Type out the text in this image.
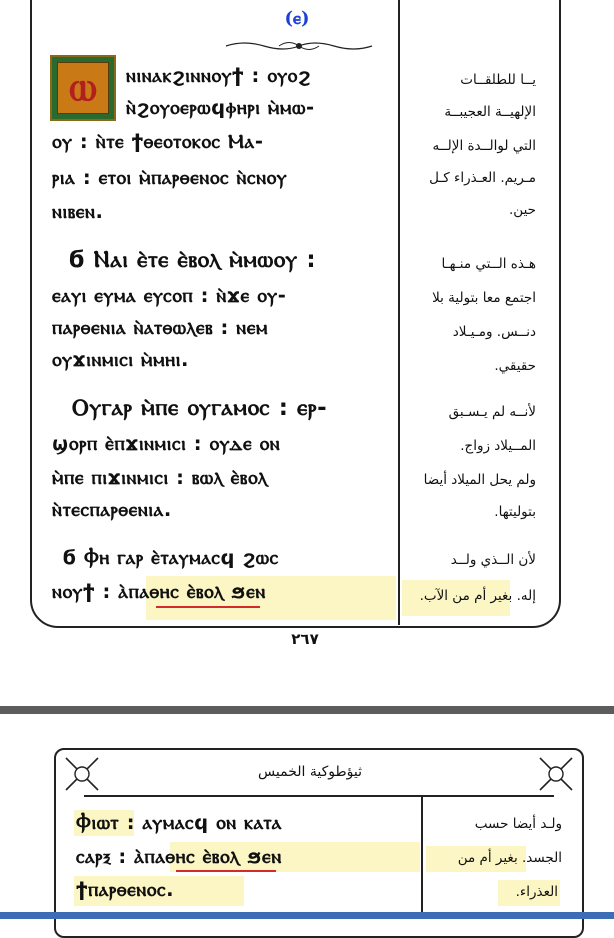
(ⲉ)
ⲱ	ⲛⲓⲛⲁⲕϩⲓⲛⲛⲟⲩϯ : ⲟⲩⲟϩ
ⲛ̀ϩⲟⲩⲟⲉⲣⲱϥⲫⲏⲣⲓ ⲙ̀ⲙⲱ-
ⲟⲩ : ⲛ̀ⲧⲉ ϯⲑⲉⲟⲧⲟⲕⲟⲥ Ⲙⲁ-
ⲣⲓⲁ : ⲉⲧⲟⲓ ⲙ̀ⲡⲁⲣⲑⲉⲛⲟⲥ ⲛ̀ⲥⲛⲟⲩ
ⲛⲓⲃⲉⲛ.
يــا للطلقــات
الإلهيــة العجيبــة
التي لوالــدة الإلــه
مـريم. العـذراء كـل
حين.
ϭ Ⲛⲁⲓ ⲉ̀ⲧⲉ ⲉ̀ⲃⲟⲗ ⲙ̀ⲙⲱⲟⲩ :
ⲉⲁⲩⲓ ⲉⲩⲙⲁ ⲉⲩⲥⲟⲡ : ⲛ̀ϫⲉ ⲟⲩ-
ⲡⲁⲣⲑⲉⲛⲓⲁ ⲛ̀ⲁⲧⲑⲱⲗⲉⲃ : ⲛⲉⲙ
ⲟⲩϫⲓⲛⲙⲓⲥⲓ ⲙ̀ⲙⲏⲓ.
هـذه الــتي منـهـا
اجتمع معا بتولية بلا
دنــس. ومـيـلاد
حقيقي.
Ⲟⲩⲅⲁⲣ ⲙ̀ⲡⲉ ⲟⲩⲅⲁⲙⲟⲥ : ⲉⲣ-
ϣⲟⲣⲡ ⲉ̀ⲡϫⲓⲛⲙⲓⲥⲓ : ⲟⲩⲇⲉ ⲟⲛ
ⲙ̀ⲡⲉ ⲡⲓϫⲓⲛⲙⲓⲥⲓ : ⲃⲱⲗ ⲉ̀ⲃⲟⲗ
ⲛ̀ⲧⲉⲥⲡⲁⲣⲑⲉⲛⲓⲁ.
لأنــه لم يـسـبق
المــيلاد زواج.
ولم يحل الميلاد أيضا
بتوليتها.
ϭ Ⲫⲏ ⲅⲁⲣ ⲉ̀ⲧⲁⲩⲙⲁⲥϥ ϩⲱⲥ
ⲛⲟⲩϯ : ⲁ̀ⲡⲁⲑⲏⲥ ⲉ̀ⲃⲟⲗ ϧⲉⲛ
لأن الــذي ولــد
إله. بغير أم من الآب.
٢٦٧
ثيؤطوكية الخميس
Ⲫⲓⲱⲧ : ⲁⲩⲙⲁⲥϥ ⲟⲛ ⲕⲁⲧⲁ
ⲥⲁⲣⲝ : ⲁ̀ⲡⲁⲑⲏⲥ ⲉ̀ⲃⲟⲗ ϧⲉⲛ
ϯⲡⲁⲣⲑⲉⲛⲟⲥ.
ولـد أيضا حسب
الجسد. بغير أم من
العذراء.
